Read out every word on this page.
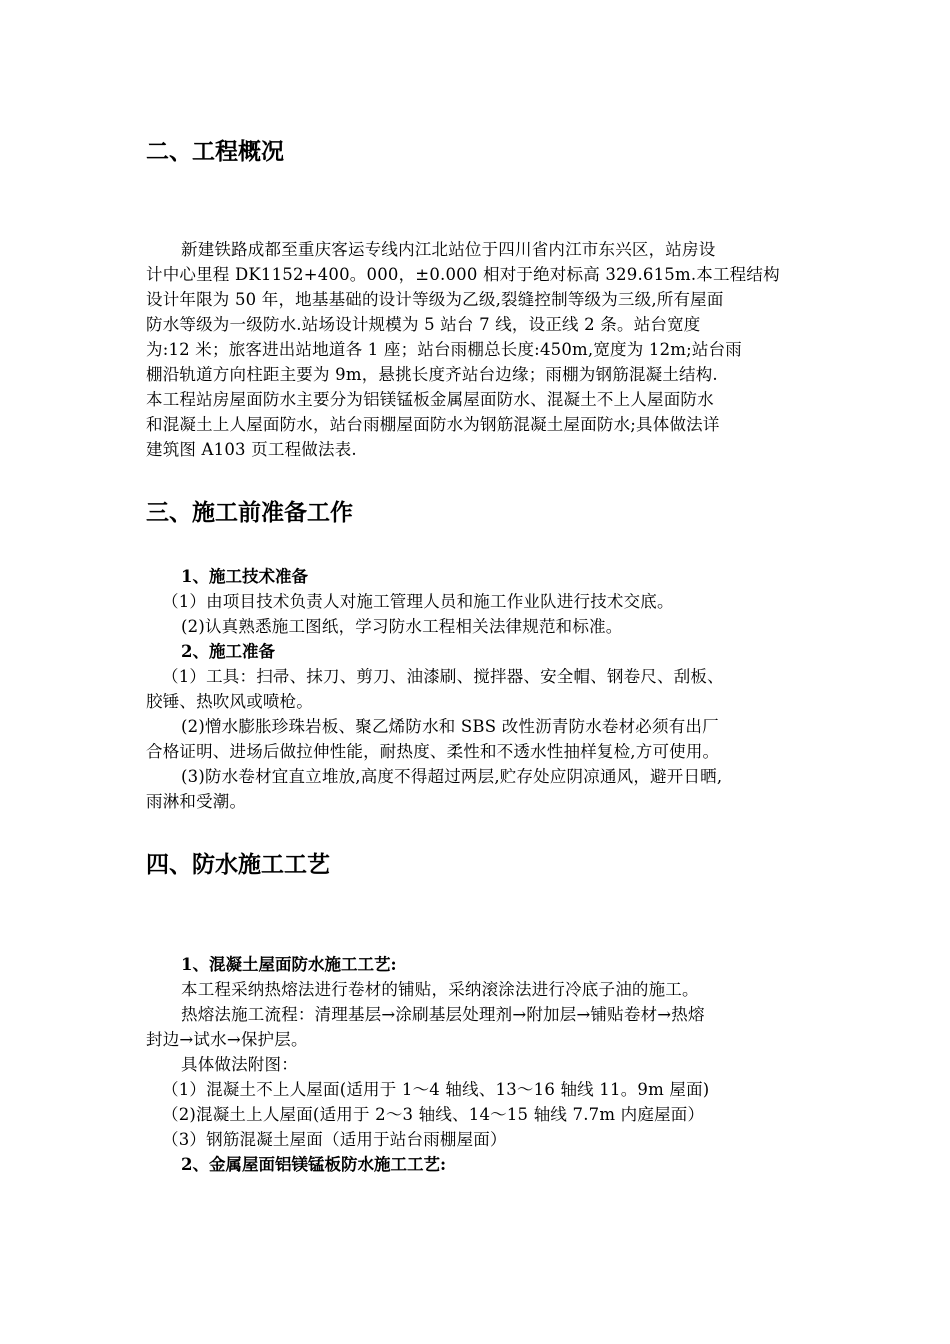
二、工程概况
新建铁路成都至重庆客运专线内江北站位于四川省内江市东兴区，站房设
计中心里程 DK1152+400。000，±0.000 相对于绝对标高 329.615m.本工程结构
设计年限为 50 年，地基基础的设计等级为乙级,裂缝控制等级为三级,所有屋面
防水等级为一级防水.站场设计规模为 5 站台 7 线，设正线 2 条。站台宽度
为:12 米；旅客进出站地道各 1 座；站台雨棚总长度:450m,宽度为 12m;站台雨
棚沿轨道方向柱距主要为 9m，悬挑长度齐站台边缘；雨棚为钢筋混凝土结构.
本工程站房屋面防水主要分为铝镁锰板金属屋面防水、混凝土不上人屋面防水
和混凝土上人屋面防水，站台雨棚屋面防水为钢筋混凝土屋面防水;具体做法详
建筑图 A103 页工程做法表.
三、施工前准备工作
1、施工技术准备
（1）由项目技术负责人对施工管理人员和施工作业队进行技术交底。
(2)认真熟悉施工图纸，学习防水工程相关法律规范和标准。
2、施工准备
（1）工具：扫帚、抹刀、剪刀、油漆刷、搅拌器、安全帽、钢卷尺、刮板、
胶锤、热吹风或喷枪。
(2)憎水膨胀珍珠岩板、聚乙烯防水和 SBS 改性沥青防水卷材必须有出厂
合格证明、进场后做拉伸性能，耐热度、柔性和不透水性抽样复检,方可使用。
(3)防水卷材宜直立堆放,高度不得超过两层,贮存处应阴凉通风，避开日晒,
雨淋和受潮。
四、防水施工工艺
1、混凝土屋面防水施工工艺:
本工程采纳热熔法进行卷材的铺贴，采纳滚涂法进行冷底子油的施工。
热熔法施工流程：清理基层→涂刷基层处理剂→附加层→铺贴卷材→热熔
封边→试水→保护层。
具体做法附图：
（1）混凝土不上人屋面(适用于 1～4 轴线、13～16 轴线 11。9m 屋面)
（2)混凝土上人屋面(适用于 2～3 轴线、14～15 轴线 7.7m 内庭屋面）
（3）钢筋混凝土屋面（适用于站台雨棚屋面）
2、金属屋面铝镁锰板防水施工工艺:
